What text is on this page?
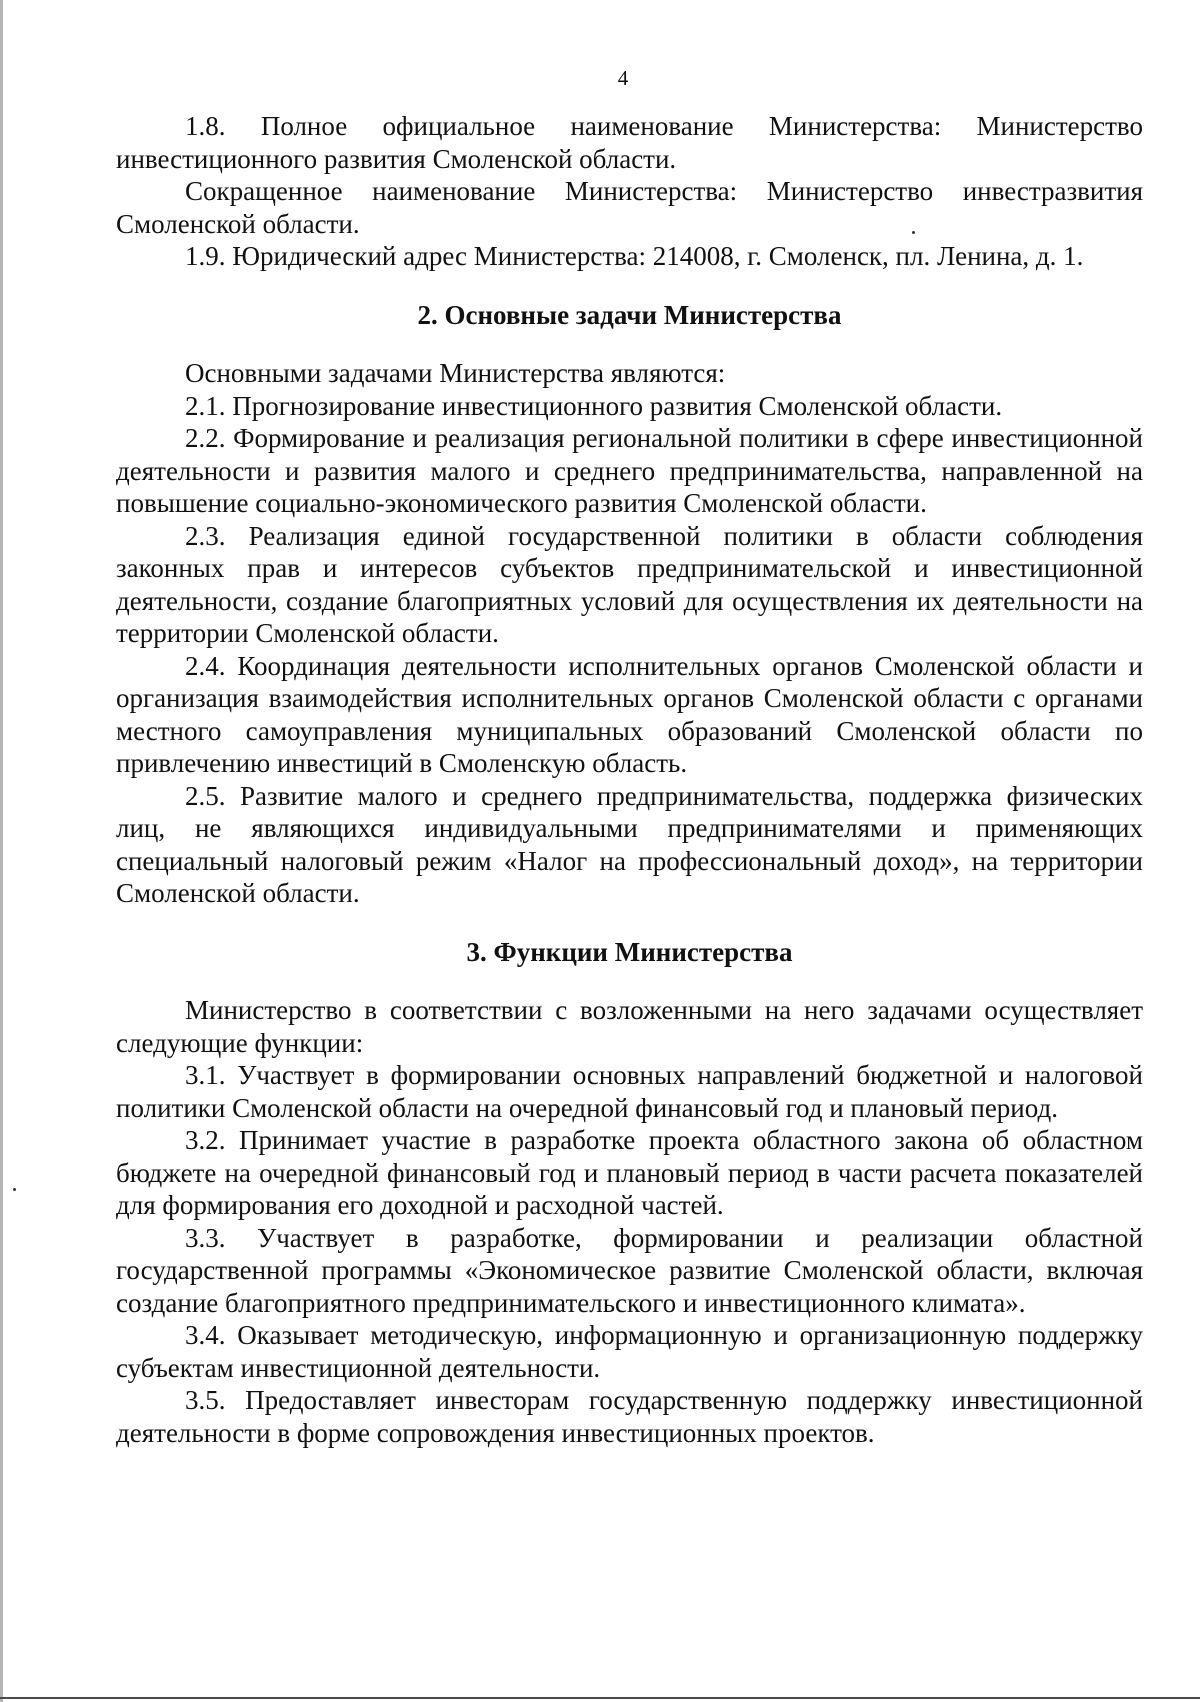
4

1.8. Полное официальное наименование Министерства: Министерство инвестиционного развития Смоленской области.

Сокращенное наименование Министерства: Министерство инвестразвития Смоленской области.

1.9. Юридический адрес Министерства: 214008, г. Смоленск, пл. Ленина, д. 1.

2. Основные задачи Министерства

Основными задачами Министерства являются:

2.1. Прогнозирование инвестиционного развития Смоленской области.

2.2. Формирование и реализация региональной политики в сфере инвестиционной деятельности и развития малого и среднего предпринимательства, направленной на повышение социально-экономического развития Смоленской области.

2.3. Реализация единой государственной политики в области соблюдения законных прав и интересов субъектов предпринимательской и инвестиционной деятельности, создание благоприятных условий для осуществления их деятельности на территории Смоленской области.

2.4. Координация деятельности исполнительных органов Смоленской области и организация взаимодействия исполнительных органов Смоленской области с органами местного самоуправления муниципальных образований Смоленской области по привлечению инвестиций в Смоленскую область.

2.5. Развитие малого и среднего предпринимательства, поддержка физических лиц, не являющихся индивидуальными предпринимателями и применяющих специальный налоговый режим «Налог на профессиональный доход», на территории Смоленской области.

3. Функции Министерства

Министерство в соответствии с возложенными на него задачами осуществляет следующие функции:

3.1. Участвует в формировании основных направлений бюджетной и налоговой политики Смоленской области на очередной финансовый год и плановый период.

3.2. Принимает участие в разработке проекта областного закона об областном бюджете на очередной финансовый год и плановый период в части расчета показателей для формирования его доходной и расходной частей.

3.3. Участвует в разработке, формировании и реализации областной государственной программы «Экономическое развитие Смоленской области, включая создание благоприятного предпринимательского и инвестиционного климата».

3.4. Оказывает методическую, информационную и организационную поддержку субъектам инвестиционной деятельности.

3.5. Предоставляет инвесторам государственную поддержку инвестиционной деятельности в форме сопровождения инвестиционных проектов.
